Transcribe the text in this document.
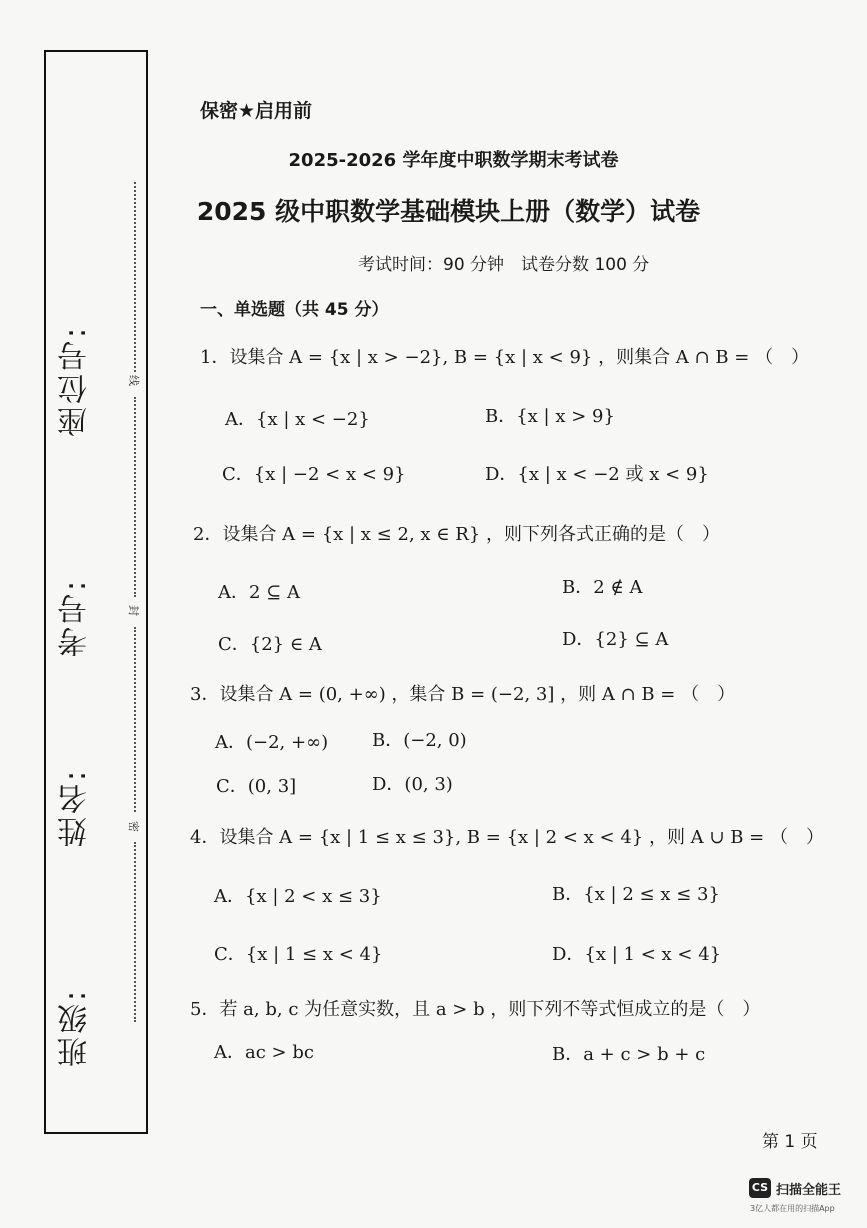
座位号:
考号:
姓名:
班级:
线
封
密
保密★启用前
2025-2026 学年度中职数学期末考试卷
2025 级中职数学基础模块上册（数学）试卷
考试时间：90 分钟　试卷分数 100 分
一、单选题（共 45 分）
1．设集合 A = {x | x > −2}, B = {x | x < 9} ，则集合 A ∩ B = （　）
A．{x | x < −2}	B．{x | x > 9}
C．{x | −2 < x < 9}	D．{x | x < −2 或 x < 9}
2．设集合 A = {x | x ≤ 2, x ∈ R} ，则下列各式正确的是（　）
A．2 ⊆ A	B．2 ∉ A
C．{2} ∈ A	D．{2} ⊆ A
3．设集合 A = (0, +∞) ，集合 B = (−2, 3] ，则 A ∩ B = （　）
A．(−2, +∞) B．(−2, 0)
C．(0, 3]	D．(0, 3)
4．设集合 A = {x | 1 ≤ x ≤ 3}, B = {x | 2 < x < 4} ，则 A ∪ B = （　）
A．{x | 2 < x ≤ 3}	B．{x | 2 ≤ x ≤ 3}
C．{x | 1 ≤ x < 4}	D．{x | 1 < x < 4}
5．若 a, b, c 为任意实数，且 a > b ，则下列不等式恒成立的是（　）
A．ac > bc	B．a + c > b + c
第 1 页
CS 扫描全能王
3亿人都在用的扫描App
